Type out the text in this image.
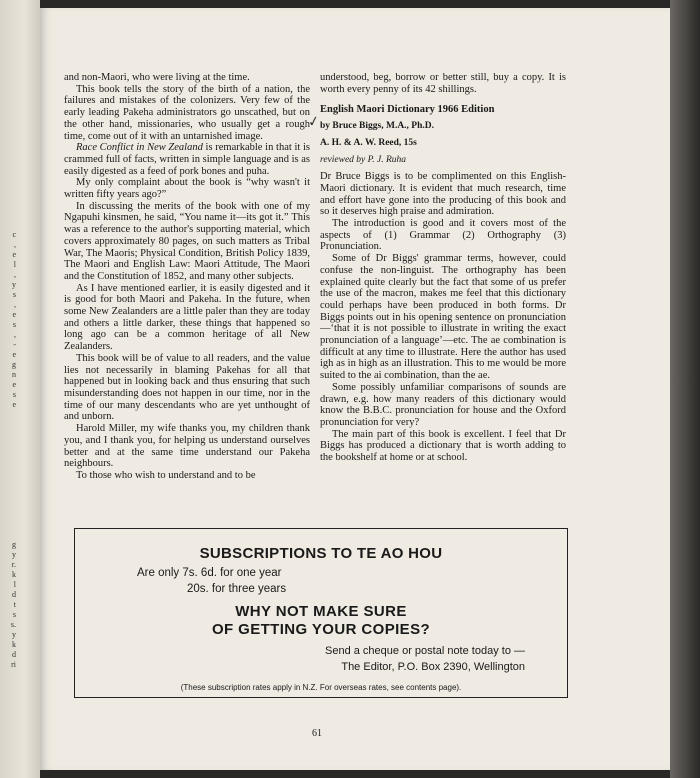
c
,
e
l
,
y
s
,
e
s
,
-
e
g
n
e
s
e
g
y
r.
k
l
d
t
s
s.
y
k
d
ri

and non-Maori, who were living at the time.

This book tells the story of the birth of a nation, the failures and mistakes of the colonizers. Very few of the early leading Pakeha administrators go unscathed, but on the other hand, missionaries, who usually get a rough time, come out of it with an untarnished image.

Race Conflict in New Zealand is remarkable in that it is crammed full of facts, written in simple language and is as easily digested as a feed of pork bones and puha.

My only complaint about the book is “why wasn't it written fifty years ago?”

In discussing the merits of the book with one of my Ngapuhi kinsmen, he said, “You name it—its got it.” This was a reference to the author's supporting material, which covers approximately 80 pages, on such matters as Tribal War, The Maoris; Physical Condition, British Policy 1839, The Maori and English Law: Maori Attitude, The Maori and the Constitution of 1852, and many other subjects.

As I have mentioned earlier, it is easily digested and it is good for both Maori and Pakeha. In the future, when some New Zealanders are a little paler than they are today and others a little darker, these things that happened so long ago can be a common heritage of all New Zealanders.

This book will be of value to all readers, and the value lies not necessarily in blaming Pakehas for all that happened but in looking back and thus ensuring that such misunderstanding does not happen in our time, nor in the time of our many descendants who are yet unthought of and unborn.

Harold Miller, my wife thanks you, my children thank you, and I thank you, for helping us understand ourselves better and at the same time understand our Pakeha neighbours.

To those who wish to understand and to be

✓

understood, beg, borrow or better still, buy a copy. It is worth every penny of its 42 shillings.

English Maori Dictionary 1966 Edition

by Bruce Biggs, M.A., Ph.D.

A. H. & A. W. Reed, 15s

reviewed by P. J. Ruha

Dr Bruce Biggs is to be complimented on this English-Maori dictionary. It is evident that much research, time and effort have gone into the producing of this book and so it deserves high praise and admiration.

The introduction is good and it covers most of the aspects of (1) Grammar (2) Orthography (3) Pronunciation.

Some of Dr Biggs' grammar terms, however, could confuse the non-linguist. The orthography has been explained quite clearly but the fact that some of us prefer the use of the macron, makes me feel that this dictionary could perhaps have been produced in both forms. Dr Biggs points out in his opening sentence on pronunciation—‘that it is not possible to illustrate in writing the exact pronunciation of a language’—etc. The ae combination is difficult at any time to illustrate. Here the author has used igh as in high as an illustration. This to me would be more suited to the ai combination, than the ae.

Some possibly unfamiliar comparisons of sounds are drawn, e.g. how many readers of this dictionary would know the B.B.C. pronunciation for house and the Oxford pronunciation for very?

The main part of this book is excellent. I feel that Dr Biggs has produced a dictionary that is worth adding to the bookshelf at home or at school.

SUBSCRIPTIONS TO TE AO HOU
Are only 7s. 6d. for one year
20s. for three years
WHY NOT MAKE SURE
OF GETTING YOUR COPIES?
Send a cheque or postal note today to —
The Editor, P.O. Box 2390, Wellington
(These subscription rates apply in N.Z. For overseas rates, see contents page).
61
